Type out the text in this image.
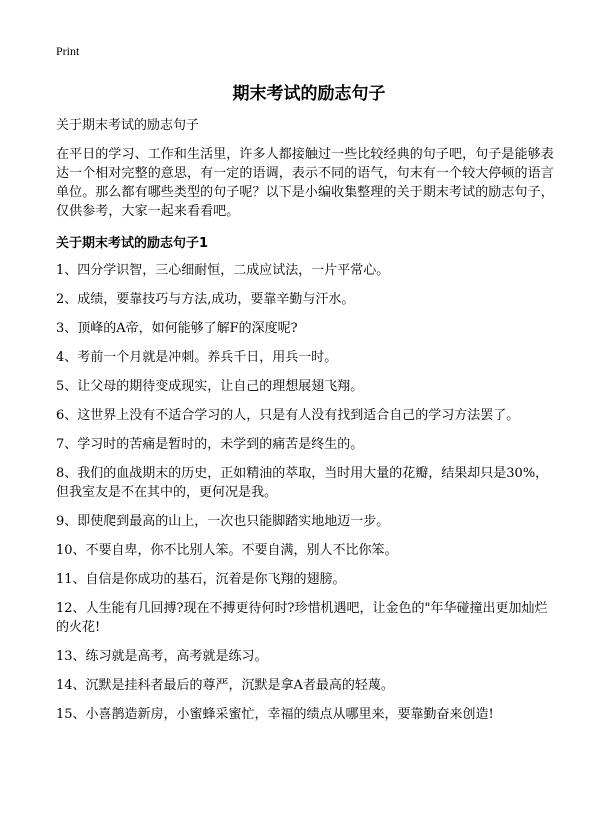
Print

期末考试的励志句子

关于期末考试的励志句子

在平日的学习、工作和生活里，许多人都接触过一些比较经典的句子吧，句子是能够表达一个相对完整的意思，有一定的语调，表示不同的语气，句末有一个较大停顿的语言单位。那么都有哪些类型的句子呢？以下是小编收集整理的关于期末考试的励志句子，仅供参考，大家一起来看看吧。

关于期末考试的励志句子1
1、四分学识智，三心细耐恒，二成应试法，一片平常心。
2、成绩，要靠技巧与方法,成功，要靠辛勤与汗水。
3、顶峰的A帝，如何能够了解F的深度呢?
4、考前一个月就是冲刺。养兵千日，用兵一时。
5、让父母的期待变成现实，让自己的理想展翅飞翔。
6、这世界上没有不适合学习的人，只是有人没有找到适合自己的学习方法罢了。
7、学习时的苦痛是暂时的，未学到的痛苦是终生的。
8、我们的血战期末的历史，正如精油的萃取，当时用大量的花瓣，结果却只是30%，但我室友是不在其中的，更何况是我。
9、即使爬到最高的山上，一次也只能脚踏实地地迈一步。
10、不要自卑，你不比别人笨。不要自满，别人不比你笨。
11、自信是你成功的基石，沉着是你飞翔的翅膀。
12、人生能有几回搏?现在不搏更待何时?珍惜机遇吧，让金色的"年华碰撞出更加灿烂的火花!
13、练习就是高考，高考就是练习。
14、沉默是挂科者最后的尊严，沉默是拿A者最高的轻蔑。
15、小喜鹊造新房，小蜜蜂采蜜忙，幸福的绩点从哪里来，要靠勤奋来创造!
